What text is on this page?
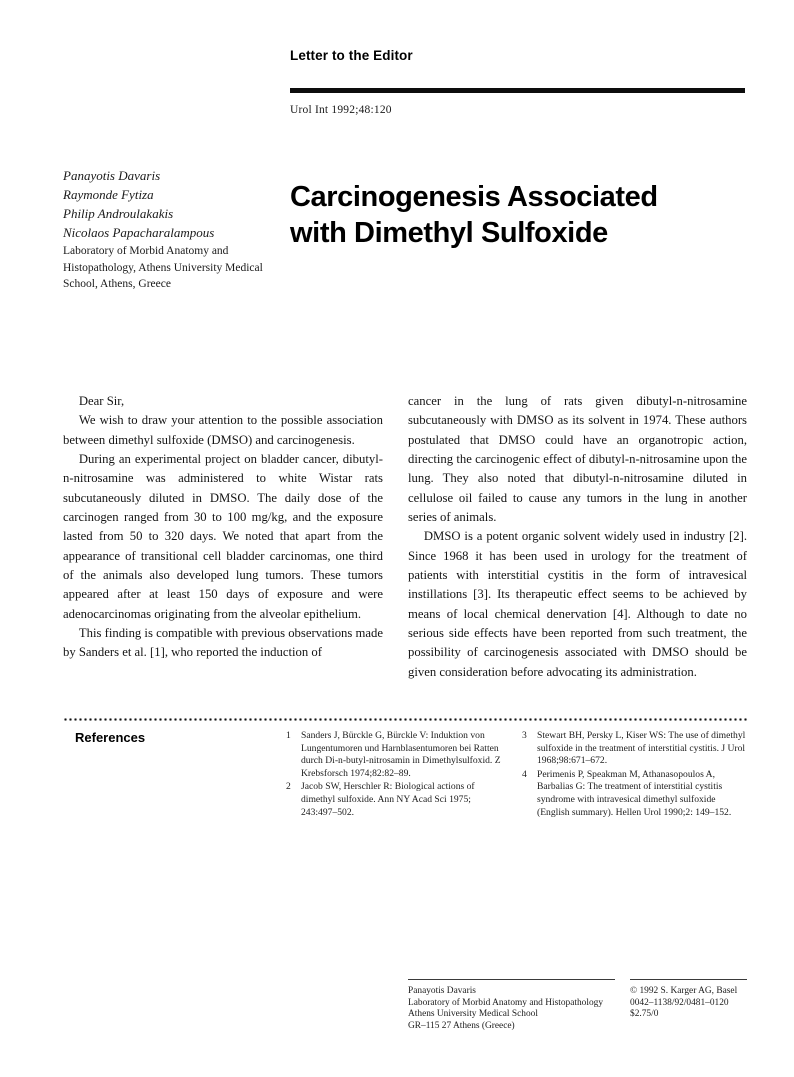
Letter to the Editor
Urol Int 1992;48:120
Carcinogenesis Associated
with Dimethyl Sulfoxide
Panayotis Davaris
Raymonde Fytiza
Philip Androulakakis
Nicolaos Papacharalampous
Laboratory of Morbid Anatomy and
Histopathology, Athens University Medical
School, Athens, Greece

Dear Sir,

We wish to draw your attention to the possible association between dimethyl sulfoxide (DMSO) and carcinogenesis.

During an experimental project on bladder cancer, dibutyl-n-nitrosamine was administered to white Wistar rats subcutaneously diluted in DMSO. The daily dose of the carcinogen ranged from 30 to 100 mg/kg, and the exposure lasted from 50 to 320 days. We noted that apart from the appearance of transitional cell bladder carcinomas, one third of the animals also developed lung tumors. These tumors appeared after at least 150 days of exposure and were adenocarcinomas originating from the alveolar epithelium.

This finding is compatible with previous observations made by Sanders et al. [1], who reported the induction of

cancer in the lung of rats given dibutyl-n-nitrosamine subcutaneously with DMSO as its solvent in 1974. These authors postulated that DMSO could have an organotropic action, directing the carcinogenic effect of dibutyl-n-nitrosamine upon the lung. They also noted that dibutyl-n-nitrosamine diluted in cellulose oil failed to cause any tumors in the lung in another series of animals.

DMSO is a potent organic solvent widely used in industry [2]. Since 1968 it has been used in urology for the treatment of patients with interstitial cystitis in the form of intravesical instillations [3]. Its therapeutic effect seems to be achieved by means of local chemical denervation [4]. Although to date no serious side effects have been reported from such treatment, the possibility of carcinogenesis associated with DMSO should be given consideration before advocating its administration.

References	1	Sanders J, Bürckle G, Bürckle V: Induktion von Lungentumoren und Harnblasentumoren bei Ratten durch Di-n-butyl-nitrosamin in Dimethylsulfoxid. Z Krebsforsch 1974;82:82–89.
2	Jacob SW, Herschler R: Biological actions of dimethyl sulfoxide. Ann NY Acad Sci 1975; 243:497–502.
3	Stewart BH, Persky L, Kiser WS: The use of dimethyl sulfoxide in the treatment of interstitial cystitis. J Urol 1968;98:671–672.
4	Perimenis P, Speakman M, Athanasopoulos A, Barbalias G: The treatment of interstitial cystitis syndrome with intravesical dimethyl sulfoxide (English summary). Hellen Urol 1990;2: 149–152.
Panayotis Davaris
Laboratory of Morbid Anatomy and Histopathology
Athens University Medical School
GR–115 27 Athens (Greece)
© 1992 S. Karger AG, Basel
0042–1138/92/0481–0120
$2.75/0
